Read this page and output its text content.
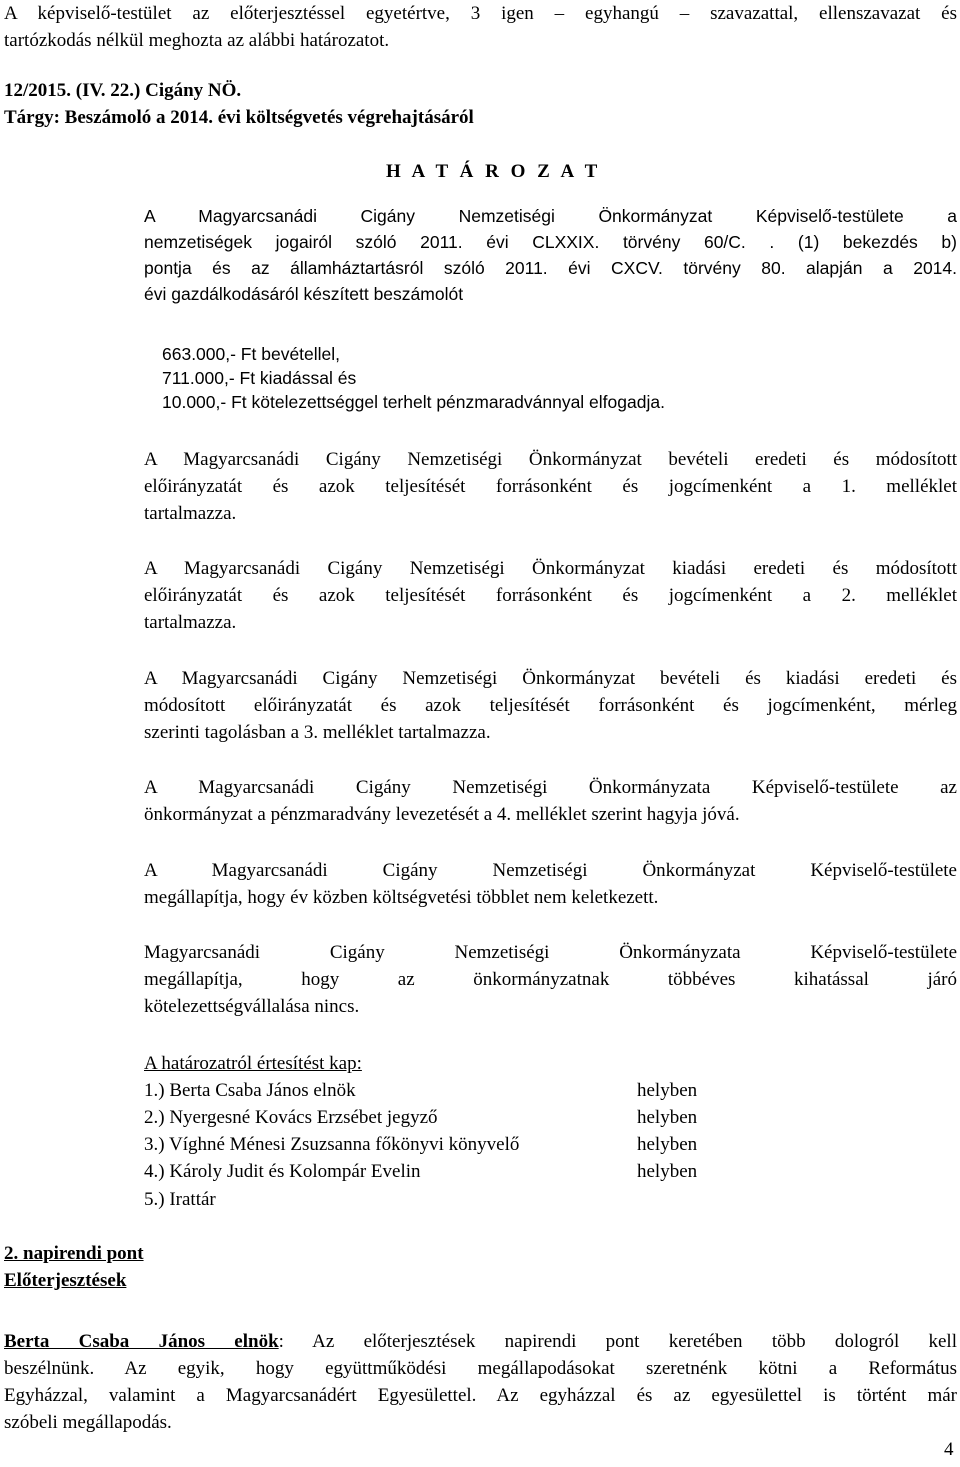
A képviselő-testület az előterjesztéssel egyetértve, 3 igen – egyhangú – szavazattal, ellenszavazat és
tartózkodás nélkül meghozta az alábbi határozatot.
12/2015. (IV. 22.) Cigány NÖ.
Tárgy: Beszámoló a 2014. évi költségvetés végrehajtásáról
H A T Á R O Z A T
A Magyarcsanádi Cigány Nemzetiségi Önkormányzat Képviselő-testülete a
nemzetiségek jogairól szóló 2011. évi CLXXIX. törvény 60/C. . (1) bekezdés b)
pontja és az államháztartásról szóló 2011. évi CXCV. törvény 80. alapján a 2014.
évi gazdálkodásáról készített beszámolót
663.000,- Ft bevétellel,
711.000,- Ft kiadással és
10.000,- Ft kötelezettséggel terhelt pénzmaradvánnyal elfogadja.
A Magyarcsanádi Cigány Nemzetiségi Önkormányzat bevételi eredeti és módosított
előirányzatát és azok teljesítését forrásonként és jogcímenként a 1. melléklet
tartalmazza.
A Magyarcsanádi Cigány Nemzetiségi Önkormányzat kiadási eredeti és módosított
előirányzatát és azok teljesítését forrásonként és jogcímenként a 2. melléklet
tartalmazza.
A Magyarcsanádi Cigány Nemzetiségi Önkormányzat bevételi és kiadási eredeti és
módosított előirányzatát és azok teljesítését forrásonként és jogcímenként, mérleg
szerinti tagolásban a 3. melléklet tartalmazza.
A Magyarcsanádi Cigány Nemzetiségi Önkormányzata Képviselő-testülete az
önkormányzat a pénzmaradvány levezetését a 4. melléklet szerint hagyja jóvá.
A Magyarcsanádi Cigány Nemzetiségi Önkormányzat Képviselő-testülete
megállapítja, hogy év közben költségvetési többlet nem keletkezett.
Magyarcsanádi Cigány Nemzetiségi Önkormányzata Képviselő-testülete
megállapítja, hogy az önkormányzatnak többéves kihatással járó
kötelezettségvállalása nincs.
A határozatról értesítést kap:
1.) Berta Csaba János elnök	helyben
2.) Nyergesné Kovács Erzsébet jegyző	helyben
3.) Víghné Ménesi Zsuzsanna főkönyvi könyvelő	helyben
4.) Károly Judit és Kolompár Evelin	helyben
5.) Irattár
2. napirendi pont
Előterjesztések
Berta Csaba János elnök: Az előterjesztések napirendi pont keretében több dologról kell
beszélnünk. Az egyik, hogy együttműködési megállapodásokat szeretnénk kötni a Református
Egyházzal, valamint a Magyarcsanádért Egyesülettel. Az egyházzal és az egyesülettel is történt már
szóbeli megállapodás.
4
